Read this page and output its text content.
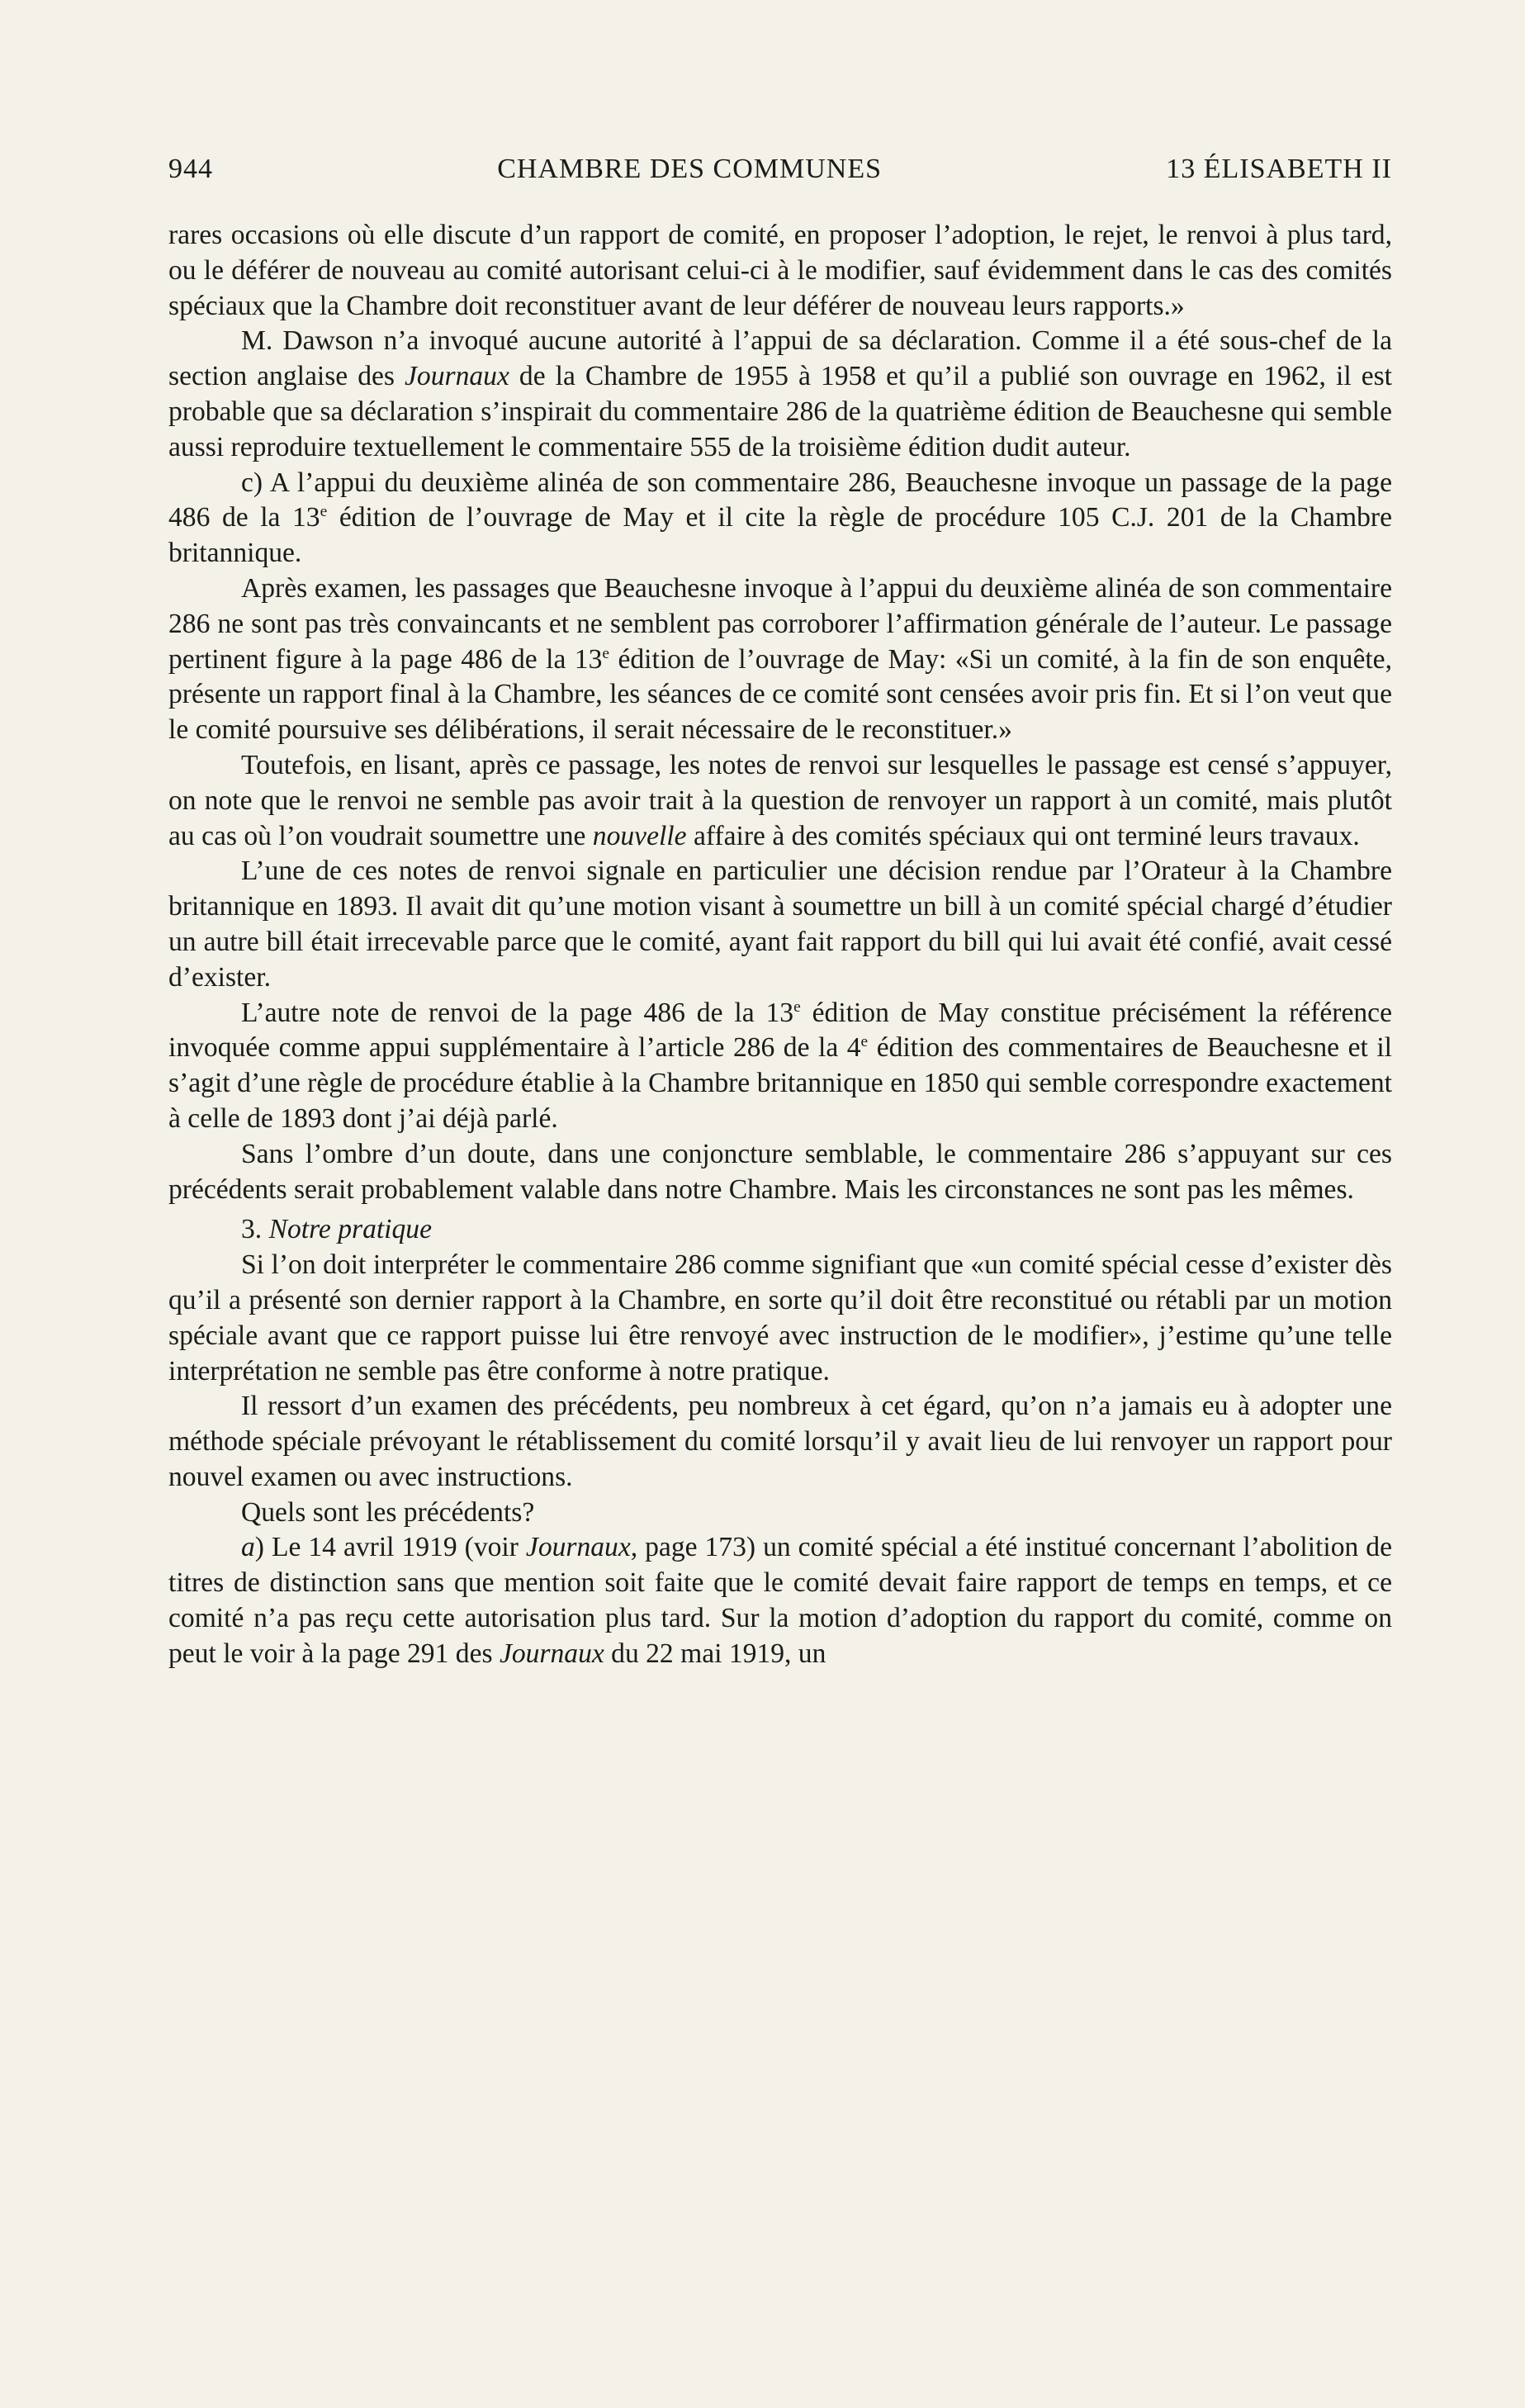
944	CHAMBRE DES COMMUNES	13 ÉLISABETH II

rares occasions où elle discute d’un rapport de comité, en proposer l’adoption, le rejet, le renvoi à plus tard, ou le déférer de nouveau au comité autorisant celui-ci à le modifier, sauf évidemment dans le cas des comités spéciaux que la Chambre doit reconstituer avant de leur déférer de nouveau leurs rapports.»

M. Dawson n’a invoqué aucune autorité à l’appui de sa déclaration. Comme il a été sous-chef de la section anglaise des Journaux de la Chambre de 1955 à 1958 et qu’il a publié son ouvrage en 1962, il est probable que sa déclaration s’inspirait du commentaire 286 de la quatrième édition de Beauchesne qui semble aussi reproduire textuellement le commentaire 555 de la troisième édition dudit auteur.

c) A l’appui du deuxième alinéa de son commentaire 286, Beauchesne invoque un passage de la page 486 de la 13e édition de l’ouvrage de May et il cite la règle de procédure 105 C.J. 201 de la Chambre britannique.

Après examen, les passages que Beauchesne invoque à l’appui du deuxième alinéa de son commentaire 286 ne sont pas très convaincants et ne semblent pas corroborer l’affirmation générale de l’auteur. Le passage pertinent figure à la page 486 de la 13e édition de l’ouvrage de May: «Si un comité, à la fin de son enquête, présente un rapport final à la Chambre, les séances de ce comité sont censées avoir pris fin. Et si l’on veut que le comité poursuive ses délibérations, il serait nécessaire de le reconstituer.»

Toutefois, en lisant, après ce passage, les notes de renvoi sur lesquelles le passage est censé s’appuyer, on note que le renvoi ne semble pas avoir trait à la question de renvoyer un rapport à un comité, mais plutôt au cas où l’on voudrait soumettre une nouvelle affaire à des comités spéciaux qui ont terminé leurs travaux.

L’une de ces notes de renvoi signale en particulier une décision rendue par l’Orateur à la Chambre britannique en 1893. Il avait dit qu’une motion visant à soumettre un bill à un comité spécial chargé d’étudier un autre bill était irrecevable parce que le comité, ayant fait rapport du bill qui lui avait été confié, avait cessé d’exister.

L’autre note de renvoi de la page 486 de la 13e édition de May constitue précisément la référence invoquée comme appui supplémentaire à l’article 286 de la 4e édition des commentaires de Beauchesne et il s’agit d’une règle de procédure établie à la Chambre britannique en 1850 qui semble correspondre exactement à celle de 1893 dont j’ai déjà parlé.

Sans l’ombre d’un doute, dans une conjoncture semblable, le commentaire 286 s’appuyant sur ces précédents serait probablement valable dans notre Chambre. Mais les circonstances ne sont pas les mêmes.

3. Notre pratique

Si l’on doit interpréter le commentaire 286 comme signifiant que «un comité spécial cesse d’exister dès qu’il a présenté son dernier rapport à la Chambre, en sorte qu’il doit être reconstitué ou rétabli par un motion spéciale avant que ce rapport puisse lui être renvoyé avec instruction de le modifier», j’estime qu’une telle interprétation ne semble pas être conforme à notre pratique.

Il ressort d’un examen des précédents, peu nombreux à cet égard, qu’on n’a jamais eu à adopter une méthode spéciale prévoyant le rétablissement du comité lorsqu’il y avait lieu de lui renvoyer un rapport pour nouvel examen ou avec instructions.

Quels sont les précédents?

a) Le 14 avril 1919 (voir Journaux, page 173) un comité spécial a été institué concernant l’abolition de titres de distinction sans que mention soit faite que le comité devait faire rapport de temps en temps, et ce comité n’a pas reçu cette autorisation plus tard. Sur la motion d’adoption du rapport du comité, comme on peut le voir à la page 291 des Journaux du 22 mai 1919, un
